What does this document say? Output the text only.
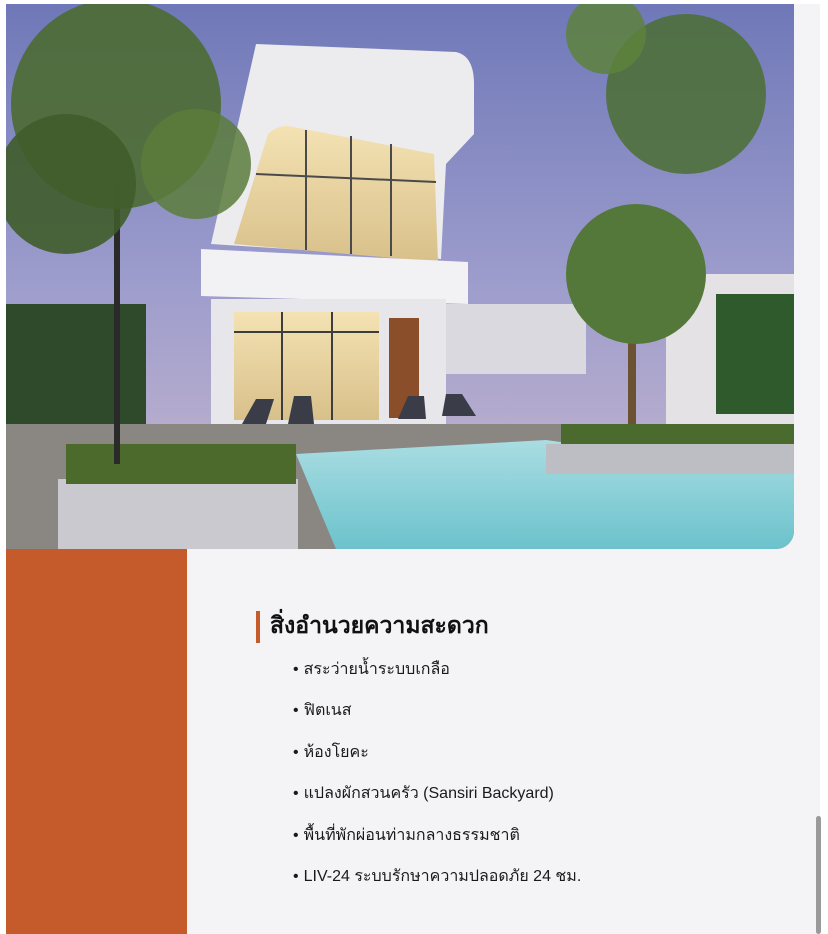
สิ่งอำนวยความสะดวก
• สระว่ายน้ำระบบเกลือ
• ฟิตเนส
• ห้องโยคะ
• แปลงผักสวนครัว (Sansiri Backyard)
• พื้นที่พักผ่อนท่ามกลางธรรมชาติ
• LIV-24 ระบบรักษาความปลอดภัย 24 ชม.
